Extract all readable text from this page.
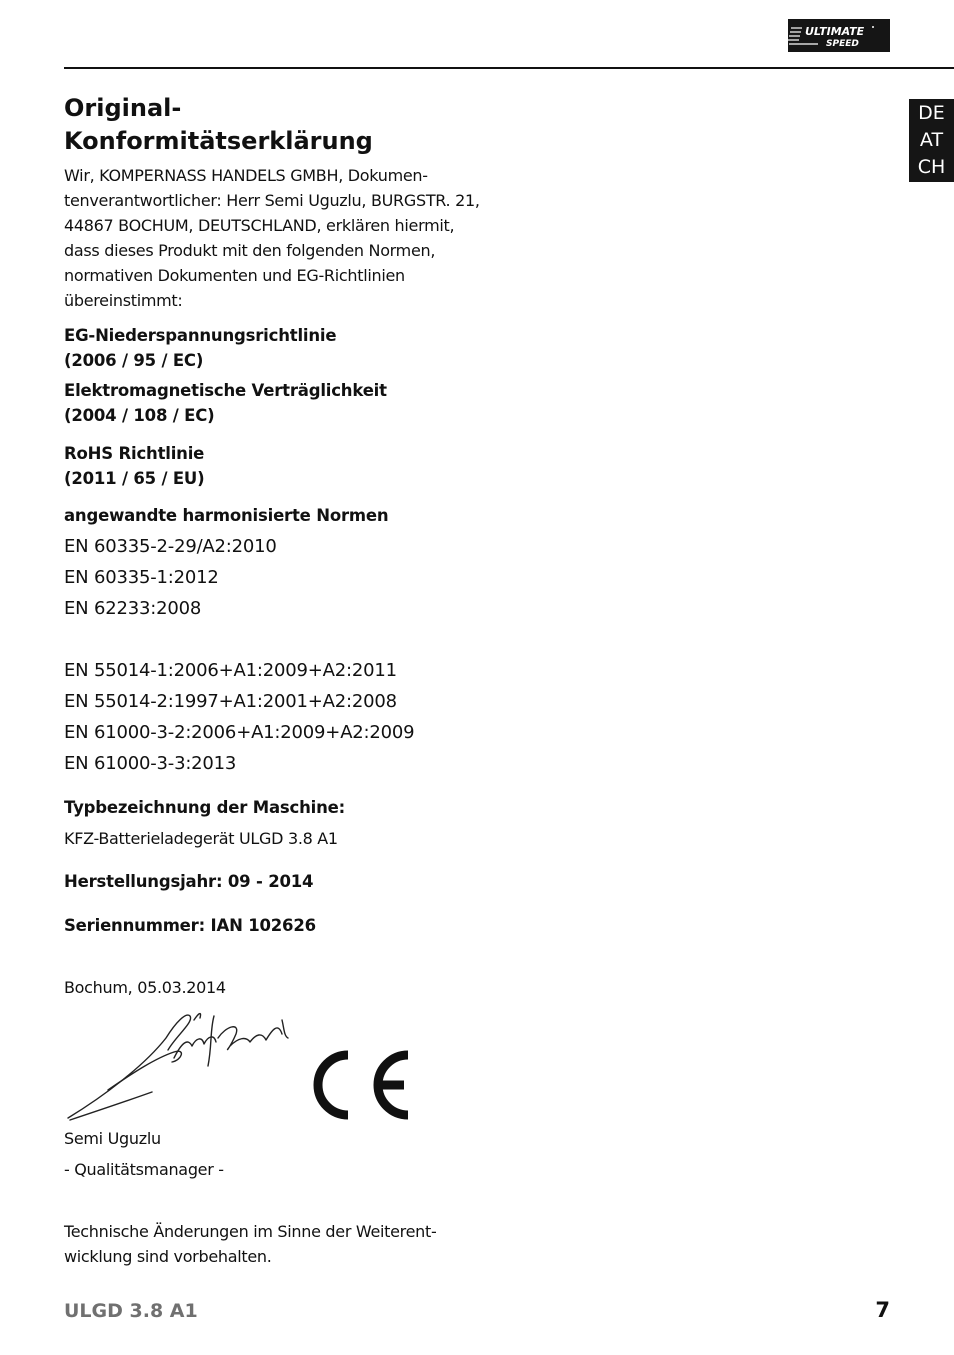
ULTIMATE
SPEED
DE
AT
CH
Original-
Konformitätserklärung
Wir, KOMPERNASS HANDELS GMBH, Dokumen-
tenverantwortlicher: Herr Semi Uguzlu, BURGSTR. 21,
44867 BOCHUM, DEUTSCHLAND, erklären hiermit,
dass dieses Produkt mit den folgenden Normen,
normativen Dokumenten und EG-Richtlinien
übereinstimmt:
EG-Niederspannungsrichtlinie
(2006 / 95 / EC)
Elektromagnetische Verträglichkeit
(2004 / 108 / EC)
RoHS Richtlinie
(2011 / 65 / EU)
angewandte harmonisierte Normen
EN 60335-2-29/A2:2010
EN 60335-1:2012
EN 62233:2008
EN 55014-1:2006+A1:2009+A2:2011
EN 55014-2:1997+A1:2001+A2:2008
EN 61000-3-2:2006+A1:2009+A2:2009
EN 61000-3-3:2013
Typbezeichnung der Maschine:
KFZ-Batterieladegerät ULGD 3.8 A1
Herstellungsjahr: 09 - 2014
Seriennummer: IAN 102626
Bochum, 05.03.2014
Semi Uguzlu
- Qualitätsmanager -
Technische Änderungen im Sinne der Weiterent-
wicklung sind vorbehalten.
ULGD 3.8 A1	7
